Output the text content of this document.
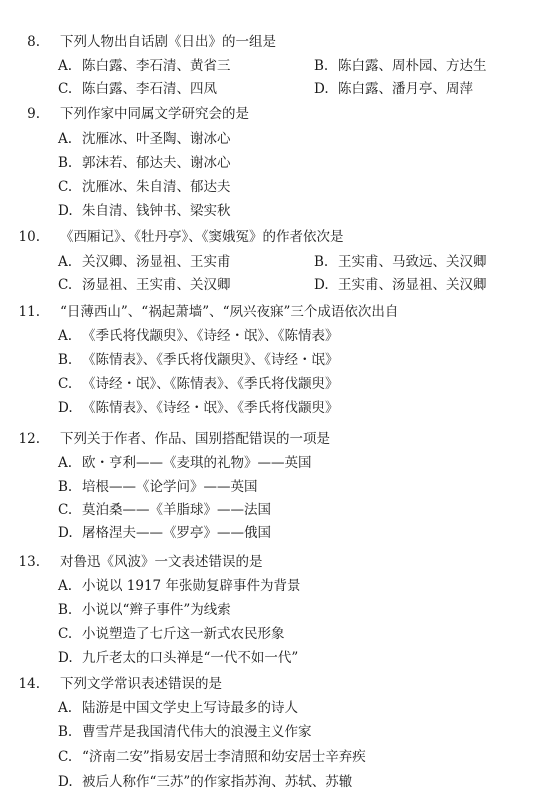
8. 下列人物出自话剧《日出》的一组是
A. 陈白露、李石清、黄省三	B. 陈白露、周朴园、方达生
C. 陈白露、李石清、四凤	D. 陈白露、潘月亭、周萍
9. 下列作家中同属文学研究会的是
A. 沈雁冰、叶圣陶、谢冰心
B. 郭沫若、郁达夫、谢冰心
C. 沈雁冰、朱自清、郁达夫
D. 朱自清、钱钟书、梁实秋
10. 《西厢记》、《牡丹亭》、《窦娥冤》的作者依次是
A. 关汉卿、汤显祖、王实甫	B. 王实甫、马致远、关汉卿
C. 汤显祖、王实甫、关汉卿	D. 王实甫、汤显祖、关汉卿
11. “日薄西山”、“祸起萧墙”、“夙兴夜寐”三个成语依次出自
A. 《季氏将伐颛臾》、《诗经・氓》、《陈情表》
B. 《陈情表》、《季氏将伐颛臾》、《诗经・氓》
C. 《诗经・氓》、《陈情表》、《季氏将伐颛臾》
D. 《陈情表》、《诗经・氓》、《季氏将伐颛臾》
12. 下列关于作者、作品、国别搭配错误的一项是
A. 欧・亨利——《麦琪的礼物》——英国
B. 培根——《论学问》——英国
C. 莫泊桑——《羊脂球》——法国
D. 屠格涅夫——《罗亭》——俄国
13. 对鲁迅《风波》一文表述错误的是
A. 小说以 1917 年张勋复辟事件为背景
B. 小说以“辫子事件”为线索
C. 小说塑造了七斤这一新式农民形象
D. 九斤老太的口头禅是“一代不如一代”
14. 下列文学常识表述错误的是
A. 陆游是中国文学史上写诗最多的诗人
B. 曹雪芹是我国清代伟大的浪漫主义作家
C. “济南二安”指易安居士李清照和幼安居士辛弃疾
D. 被后人称作“三苏”的作家指苏洵、苏轼、苏辙
